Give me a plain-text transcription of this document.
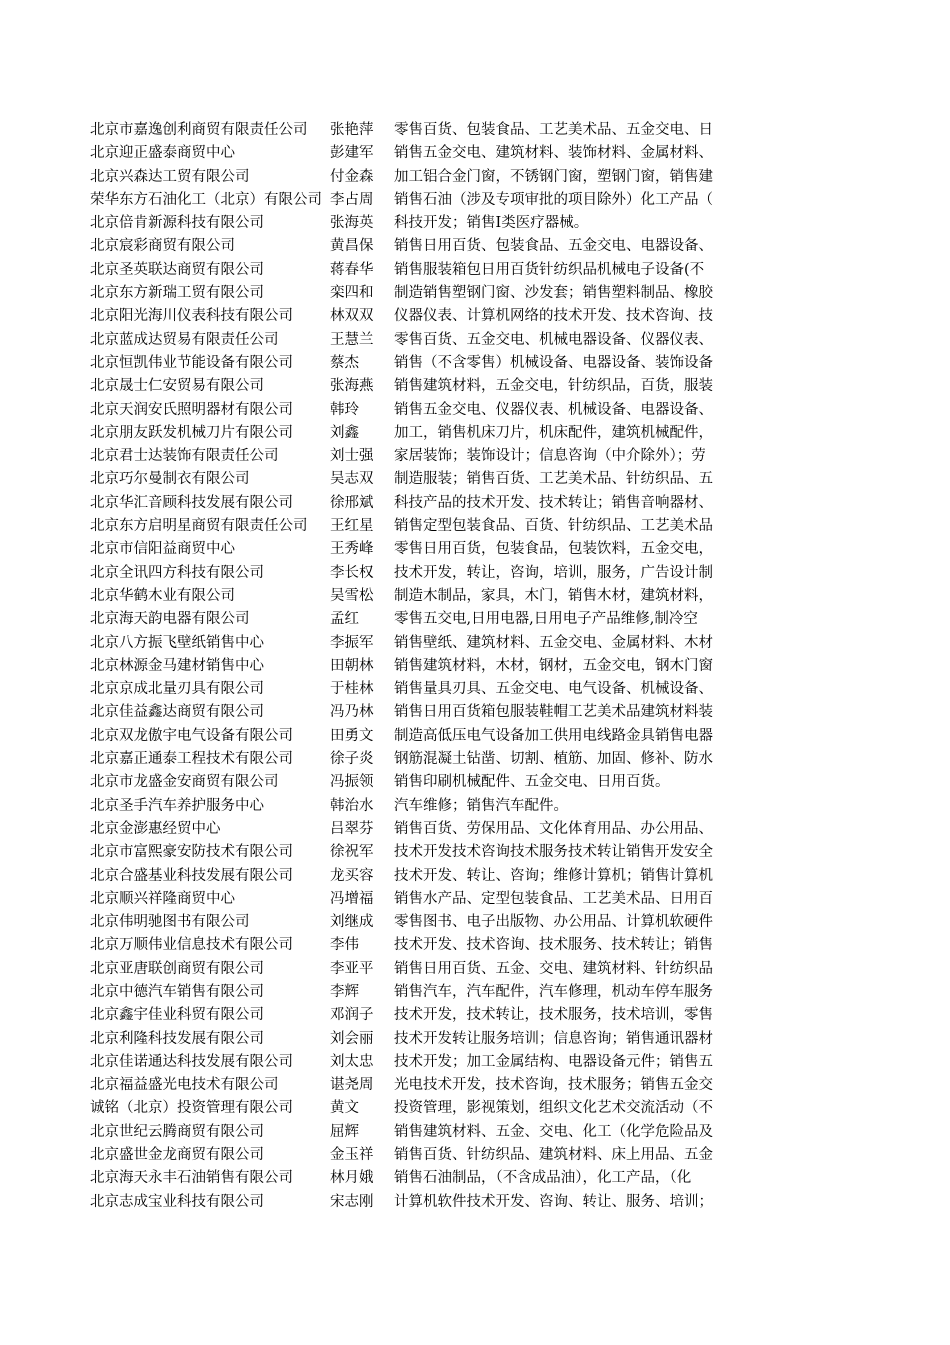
北京市嘉逸创利商贸有限责任公司	张艳萍	零售百货、包装食品、工艺美术品、五金交电、日
北京迎正盛泰商贸中心	彭建军	销售五金交电、建筑材料、装饰材料、金属材料、
北京兴森达工贸有限公司	付金森	加工铝合金门窗，不锈钢门窗，塑钢门窗，销售建
荣华东方石油化工（北京）有限公司 李占周	销售石油（涉及专项审批的项目除外）化工产品（
北京倍肯新源科技有限公司	张海英	科技开发；销售Ⅰ类医疗器械。
北京宸彩商贸有限公司	黄昌保	销售日用百货、包装食品、五金交电、电器设备、
北京圣英联达商贸有限公司	蒋春华	销售服装箱包日用百货针纺织品机械电子设备(不
北京东方新瑞工贸有限公司	栾四和	制造销售塑钢门窗、沙发套；销售塑料制品、橡胶
北京阳光海川仪表科技有限公司	林双双	仪器仪表、计算机网络的技术开发、技术咨询、技
北京蓝成达贸易有限责任公司	王慧兰	零售百货、五金交电、机械电器设备、仪器仪表、
北京恒凯伟业节能设备有限公司	蔡杰	销售（不含零售）机械设备、电器设备、装饰设备
北京晟士仁安贸易有限公司	张海燕	销售建筑材料，五金交电，针纺织品，百货，服装
北京天润安氏照明器材有限公司	韩玲	销售五金交电、仪器仪表、机械设备、电器设备、
北京朋友跃发机械刀片有限公司	刘鑫	加工，销售机床刀片，机床配件，建筑机械配件，
北京君士达装饰有限责任公司	刘士强	家居装饰；装饰设计；信息咨询（中介除外）；劳
北京巧尔曼制衣有限公司	吴志双	制造服装；销售百货、工艺美术品、针纺织品、五
北京华汇音顾科技发展有限公司	徐邢斌	科技产品的技术开发、技术转让；销售音响器材、
北京东方启明星商贸有限责任公司	王红星	销售定型包装食品、百货、针纺织品、工艺美术品
北京市信阳益商贸中心	王秀峰	零售日用百货，包装食品，包装饮料，五金交电，
北京全讯四方科技有限公司	李长权	技术开发，转让，咨询，培训，服务，广告设计制
北京华鹤木业有限公司	吴雪松	制造木制品，家具，木门，销售木材，建筑材料，
北京海天韵电器有限公司	孟红	零售五交电,日用电器,日用电子产品维修,制冷空
北京八方振飞壁纸销售中心	李振军	销售壁纸、建筑材料、五金交电、金属材料、木材
北京林源金马建材销售中心	田朝林	销售建筑材料，木材，钢材，五金交电，钢木门窗
北京京成北量刃具有限公司	于桂林	销售量具刃具、五金交电、电气设备、机械设备、
北京佳益鑫达商贸有限公司	冯乃林	销售日用百货箱包服装鞋帽工艺美术品建筑材料装
北京双龙傲宇电气设备有限公司	田勇文	制造高低压电气设备加工供用电线路金具销售电器
北京嘉正通泰工程技术有限公司	徐子炎	钢筋混凝土钻凿、切割、植筋、加固、修补、防水
北京市龙盛金安商贸有限公司	冯振领	销售印刷机械配件、五金交电、日用百货。
北京圣手汽车养护服务中心	韩治水	汽车维修；销售汽车配件。
北京金澎惠经贸中心	吕翠芬	销售百货、劳保用品、文化体育用品、办公用品、
北京市富熙豪安防技术有限公司	徐祝军	技术开发技术咨询技术服务技术转让销售开发安全
北京合盛基业科技发展有限公司	龙买容	技术开发、转让、咨询；维修计算机；销售计算机
北京顺兴祥隆商贸中心	冯增福	销售水产品、定型包装食品、工艺美术品、日用百
北京伟明驰图书有限公司	刘继成	零售图书、电子出版物、办公用品、计算机软硬件
北京万顺伟业信息技术有限公司	李伟	技术开发、技术咨询、技术服务、技术转让；销售
北京亚唐联创商贸有限公司	李亚平	销售日用百货、五金、交电、建筑材料、针纺织品
北京中德汽车销售有限公司	李辉	销售汽车，汽车配件，汽车修理，机动车停车服务
北京鑫宇佳业科贸有限公司	邓润子	技术开发，技术转让，技术服务，技术培训，零售
北京利隆科技发展有限公司	刘会丽	技术开发转让服务培训；信息咨询；销售通讯器材
北京佳诺通达科技发展有限公司	刘太忠	技术开发；加工金属结构、电器设备元件；销售五
北京福益盛光电技术有限公司	谌尧周	光电技术开发，技术咨询，技术服务；销售五金交
诚铭（北京）投资管理有限公司	黄文	投资管理，影视策划，组织文化艺术交流活动（不
北京世纪云腾商贸有限公司	屈辉	销售建筑材料、五金、交电、化工（化学危险品及
北京盛世金龙商贸有限公司	金玉祥	销售百货、针纺织品、建筑材料、床上用品、五金
北京海天永丰石油销售有限公司	林月娥	销售石油制品，（不含成品油），化工产品，（化
北京志成宝业科技有限公司	宋志刚	计算机软件技术开发、咨询、转让、服务、培训；
